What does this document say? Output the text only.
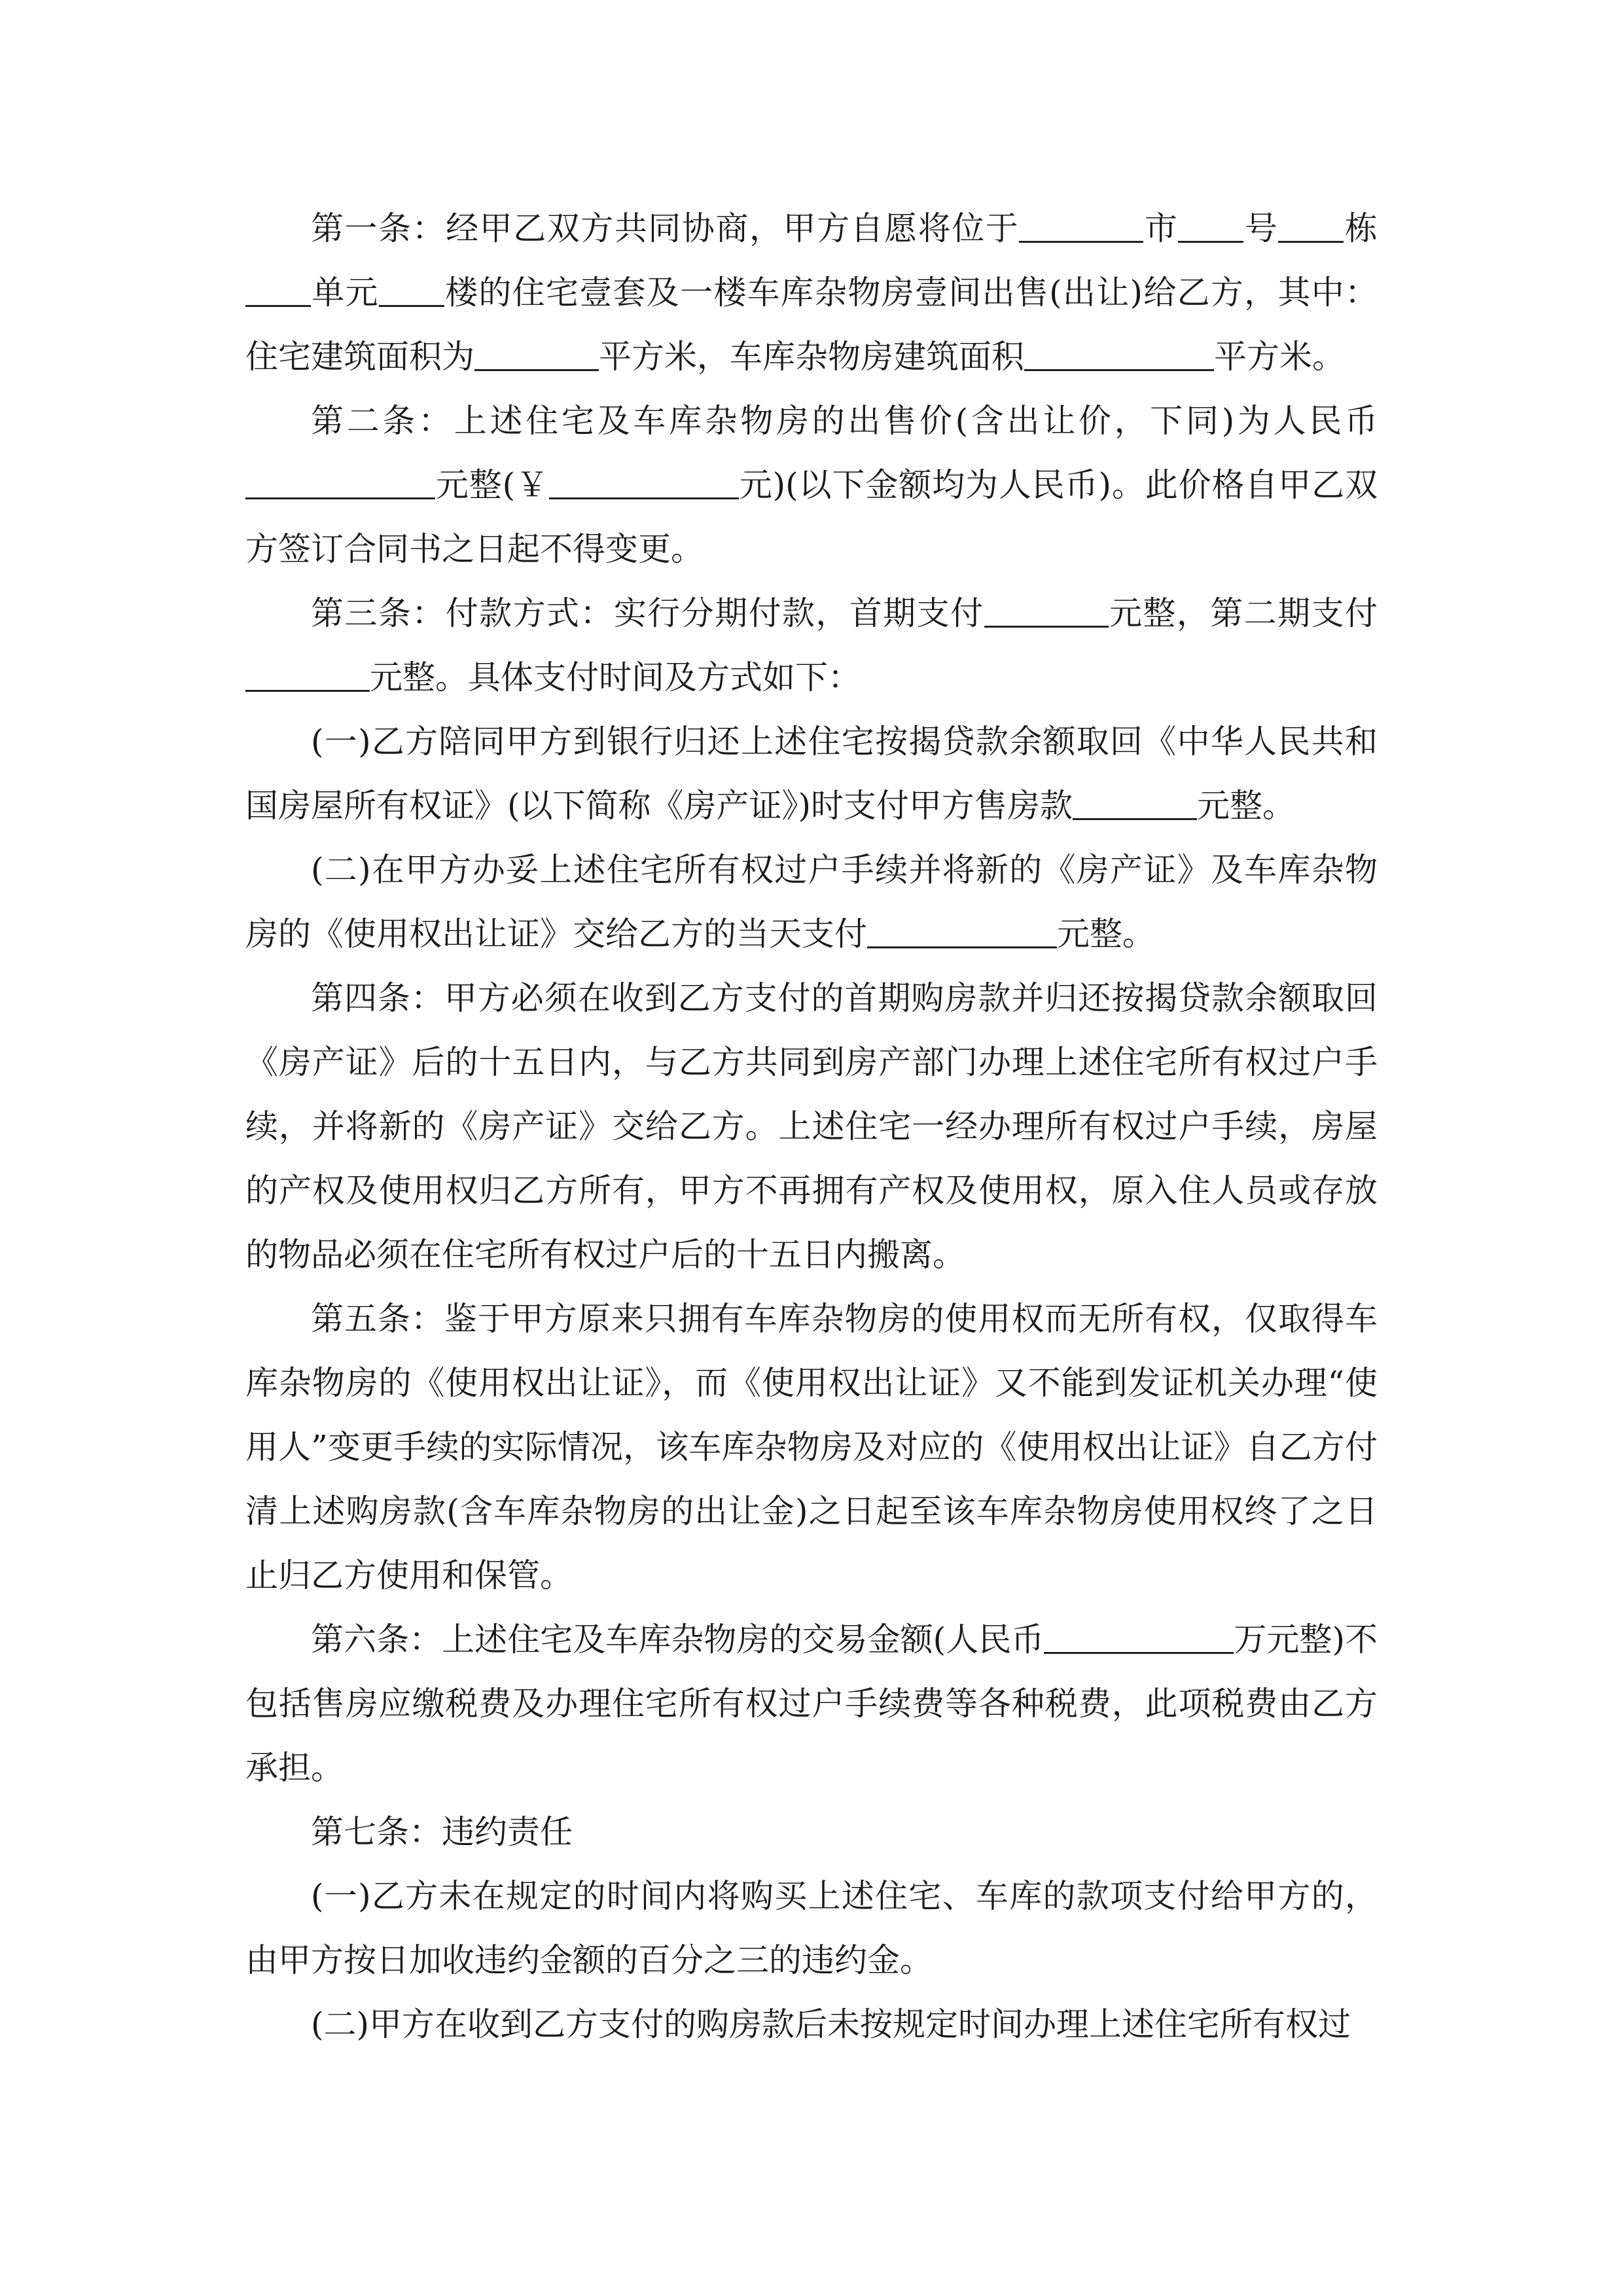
第一条：经甲乙双方共同协商，甲方自愿将位于	市 号 栋单元 楼的住宅壹套及一楼车库杂物房壹间出售(出让)给乙方，其中：住宅建筑面积为	平方米，车库杂物房建筑面积	平方米。

第二条：上述住宅及车库杂物房的出售价(含出让价，下同)为人民币元整(￥	元)(以下金额均为人民币)。此价格自甲乙双方签订合同书之日起不得变更。

第三条：付款方式：实行分期付款，首期支付	元整，第二期支付元整。具体支付时间及方式如下：

(一)乙方陪同甲方到银行归还上述住宅按揭贷款余额取回《中华人民共和国房屋所有权证》(以下简称《房产证》)时支付甲方售房款	元整。

(二)在甲方办妥上述住宅所有权过户手续并将新的《房产证》及车库杂物房的《使用权出让证》交给乙方的当天支付	元整。

第四条：甲方必须在收到乙方支付的首期购房款并归还按揭贷款余额取回《房产证》后的十五日内，与乙方共同到房产部门办理上述住宅所有权过户手续，并将新的《房产证》交给乙方。上述住宅一经办理所有权过户手续，房屋的产权及使用权归乙方所有，甲方不再拥有产权及使用权，原入住人员或存放的物品必须在住宅所有权过户后的十五日内搬离。

第五条：鉴于甲方原来只拥有车库杂物房的使用权而无所有权，仅取得车库杂物房的《使用权出让证》，而《使用权出让证》又不能到发证机关办理“使用人”变更手续的实际情况，该车库杂物房及对应的《使用权出让证》自乙方付清上述购房款(含车库杂物房的出让金)之日起至该车库杂物房使用权终了之日止归乙方使用和保管。

第六条：上述住宅及车库杂物房的交易金额(人民币	万元整)不包括售房应缴税费及办理住宅所有权过户手续费等各种税费，此项税费由乙方承担。

第七条：违约责任

(一)乙方未在规定的时间内将购买上述住宅、车库的款项支付给甲方的，由甲方按日加收违约金额的百分之三的违约金。

(二)甲方在收到乙方支付的购房款后未按规定时间办理上述住宅所有权过
